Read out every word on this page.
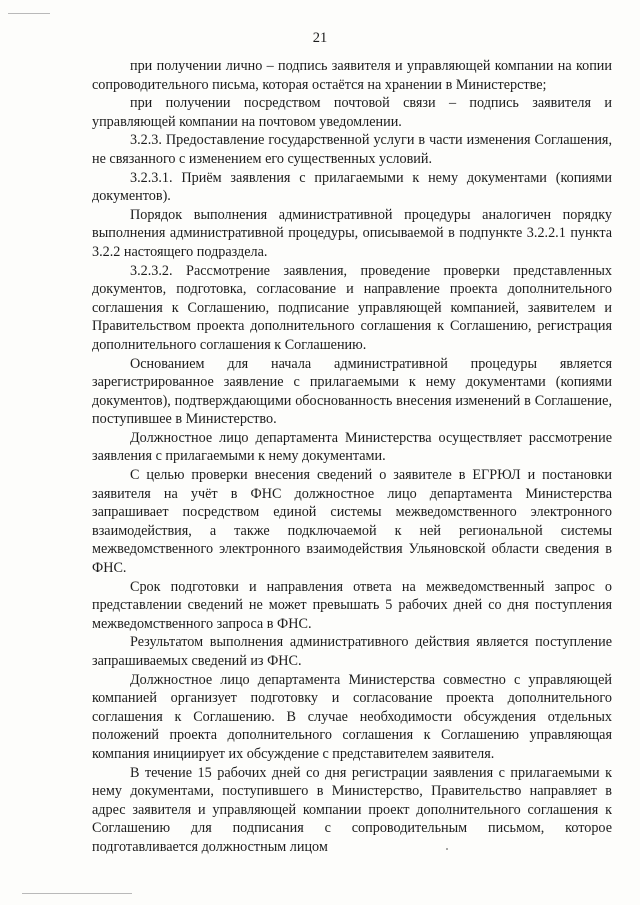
21

при получении лично – подпись заявителя и управляющей компании на копии сопроводительного письма, которая остаётся на хранении в Министерстве;

при получении посредством почтовой связи – подпись заявителя и управляющей компании на почтовом уведомлении.

3.2.3. Предоставление государственной услуги в части изменения Соглашения, не связанного с изменением его существенных условий.

3.2.3.1. Приём заявления с прилагаемыми к нему документами (копиями документов).

Порядок выполнения административной процедуры аналогичен порядку выполнения административной процедуры, описываемой в подпункте 3.2.2.1 пункта 3.2.2 настоящего подраздела.

3.2.3.2. Рассмотрение заявления, проведение проверки представленных документов, подготовка, согласование и направление проекта дополнительного соглашения к Соглашению, подписание управляющей компанией, заявителем и Правительством проекта дополнительного соглашения к Соглашению, регистрация дополнительного соглашения к Соглашению.

Основанием для начала административной процедуры является зарегистрированное заявление с прилагаемыми к нему документами (копиями документов), подтверждающими обоснованность внесения изменений в Соглашение, поступившее в Министерство.

Должностное лицо департамента Министерства осуществляет рассмотрение заявления с прилагаемыми к нему документами.

С целью проверки внесения сведений о заявителе в ЕГРЮЛ и постановки заявителя на учёт в ФНС должностное лицо департамента Министерства запрашивает посредством единой системы межведомственного электронного взаимодействия, а также подключаемой к ней региональной системы межведомственного электронного взаимодействия Ульяновской области сведения в ФНС.

Срок подготовки и направления ответа на межведомственный запрос о представлении сведений не может превышать 5 рабочих дней со дня поступления межведомственного запроса в ФНС.

Результатом выполнения административного действия является поступление запрашиваемых сведений из ФНС.

Должностное лицо департамента Министерства совместно с управляющей компанией организует подготовку и согласование проекта дополнительного соглашения к Соглашению. В случае необходимости обсуждения отдельных положений проекта дополнительного соглашения к Соглашению управляющая компания инициирует их обсуждение с представителем заявителя.

В течение 15 рабочих дней со дня регистрации заявления с прилагаемыми к нему документами, поступившего в Министерство, Правительство направляет в адрес заявителя и управляющей компании проект дополнительного соглашения к Соглашению для подписания с сопроводительным письмом, которое подготавливается должностным лицом
